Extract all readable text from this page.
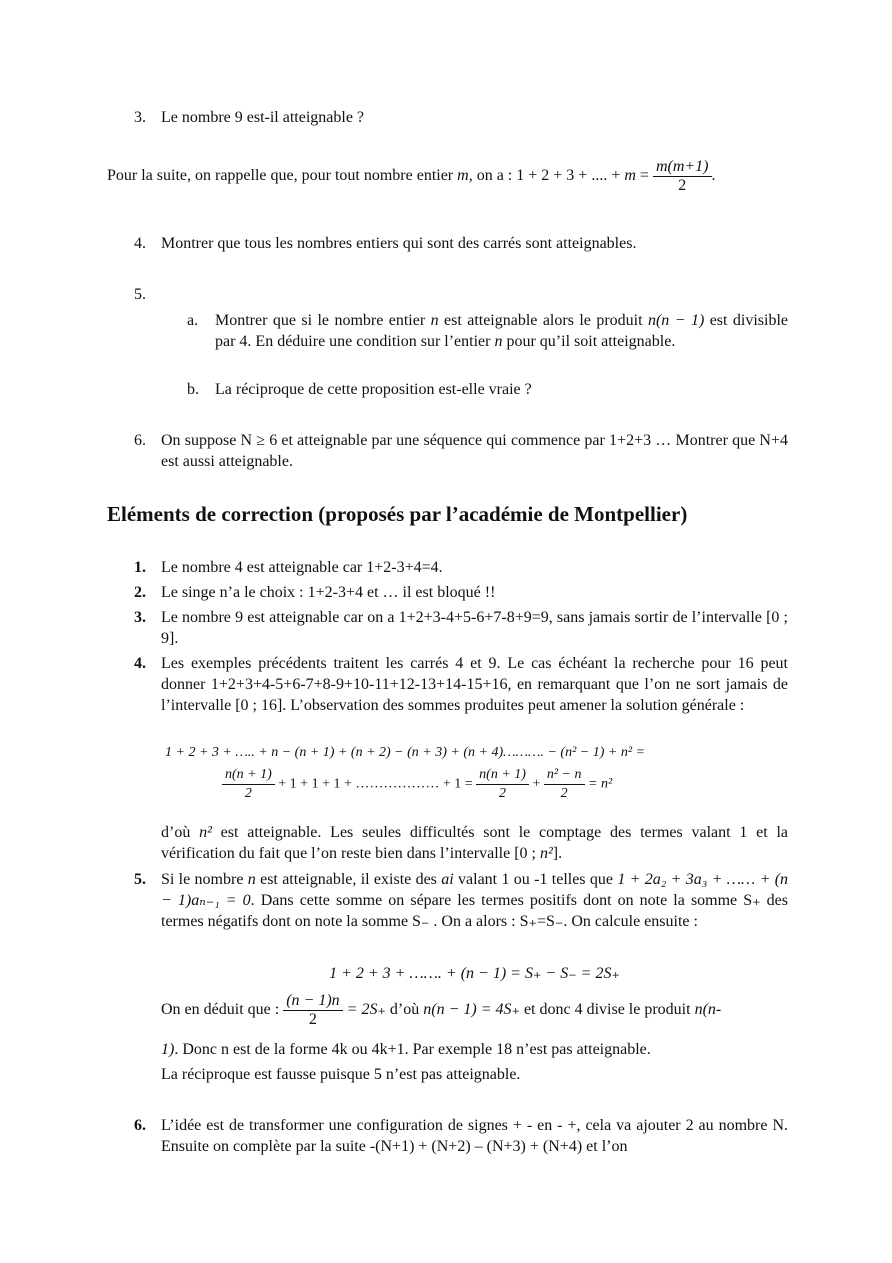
3. Le nombre 9 est-il atteignable ?
Pour la suite, on rappelle que, pour tout nombre entier m, on a : 1 + 2 + 3 + .... + $m = \frac{m(m+1)}{2}$ .
4. Montrer que tous les nombres entiers qui sont des carrés sont atteignables.
5.
a. Montrer que si le nombre entier n est atteignable alors le produit n(n − 1) est divisible par 4. En déduire une condition sur l’entier n pour qu’il soit atteignable.
b. La réciproque de cette proposition est-elle vraie ?
6. On suppose N ≥ 6 et atteignable par une séquence qui commence par 1+2+3 … Montrer que N+4 est aussi atteignable.
Eléments de correction (proposés par l’académie de Montpellier)
1. Le nombre 4 est atteignable car 1+2-3+4=4.
2. Le singe n’a le choix : 1+2-3+4 et … il est bloqué !!
3. Le nombre 9 est atteignable car on a 1+2+3-4+5-6+7-8+9=9, sans jamais sortir de l’intervalle [0 ; 9].
4. Les exemples précédents traitent les carrés 4 et 9. Le cas échéant la recherche pour 16 peut donner 1+2+3+4-5+6-7+8-9+10-11+12-13+14-15+16, en remarquant que l’on ne sort jamais de l’intervalle [0 ; 16]. L’observation des sommes produites peut amener la solution générale :
1 + 2 + 3 + ….. + n − (n + 1) + (n + 2) − (n + 3) + (n + 4)………. − (n² − 1) + n² =
$\frac{n(n + 1)}{2} + 1 + 1 + 1$ + ……………… + $1 = \frac{n(n + 1)}{2} + \frac{\text{n² − n}}{2} = n^2$
d’où n² est atteignable. Les seules difficultés sont le comptage des termes valant 1 et la vérification du fait que l’on reste bien dans l’intervalle [0 ; n²].
5. Si le nombre n est atteignable, il existe des ai valant 1 ou -1 telles que 1 + 2a₂ + 3a₃ + …… + (n − 1)aₙ₋₁ = 0. Dans cette somme on sépare les termes positifs dont on note la somme S₊ des termes négatifs dont on note la somme S₋ . On a alors : S₊=S₋. On calcule ensuite :
1 + 2 + 3 + ……. + (n − 1) = S₊ − S₋ = 2S₊
On en déduit que : $\frac{(n - 1)n}{2} = 2S_+$ d’où n(n − 1) = 4S₊ et donc 4 divise le produit n(n-
1). Donc n est de la forme 4k ou 4k+1. Par exemple 18 n’est pas atteignable.
La réciproque est fausse puisque 5 n’est pas atteignable.
6. L’idée est de transformer une configuration de signes + - en - +, cela va ajouter 2 au nombre N. Ensuite on complète par la suite -(N+1) + (N+2) – (N+3) + (N+4) et l’on
